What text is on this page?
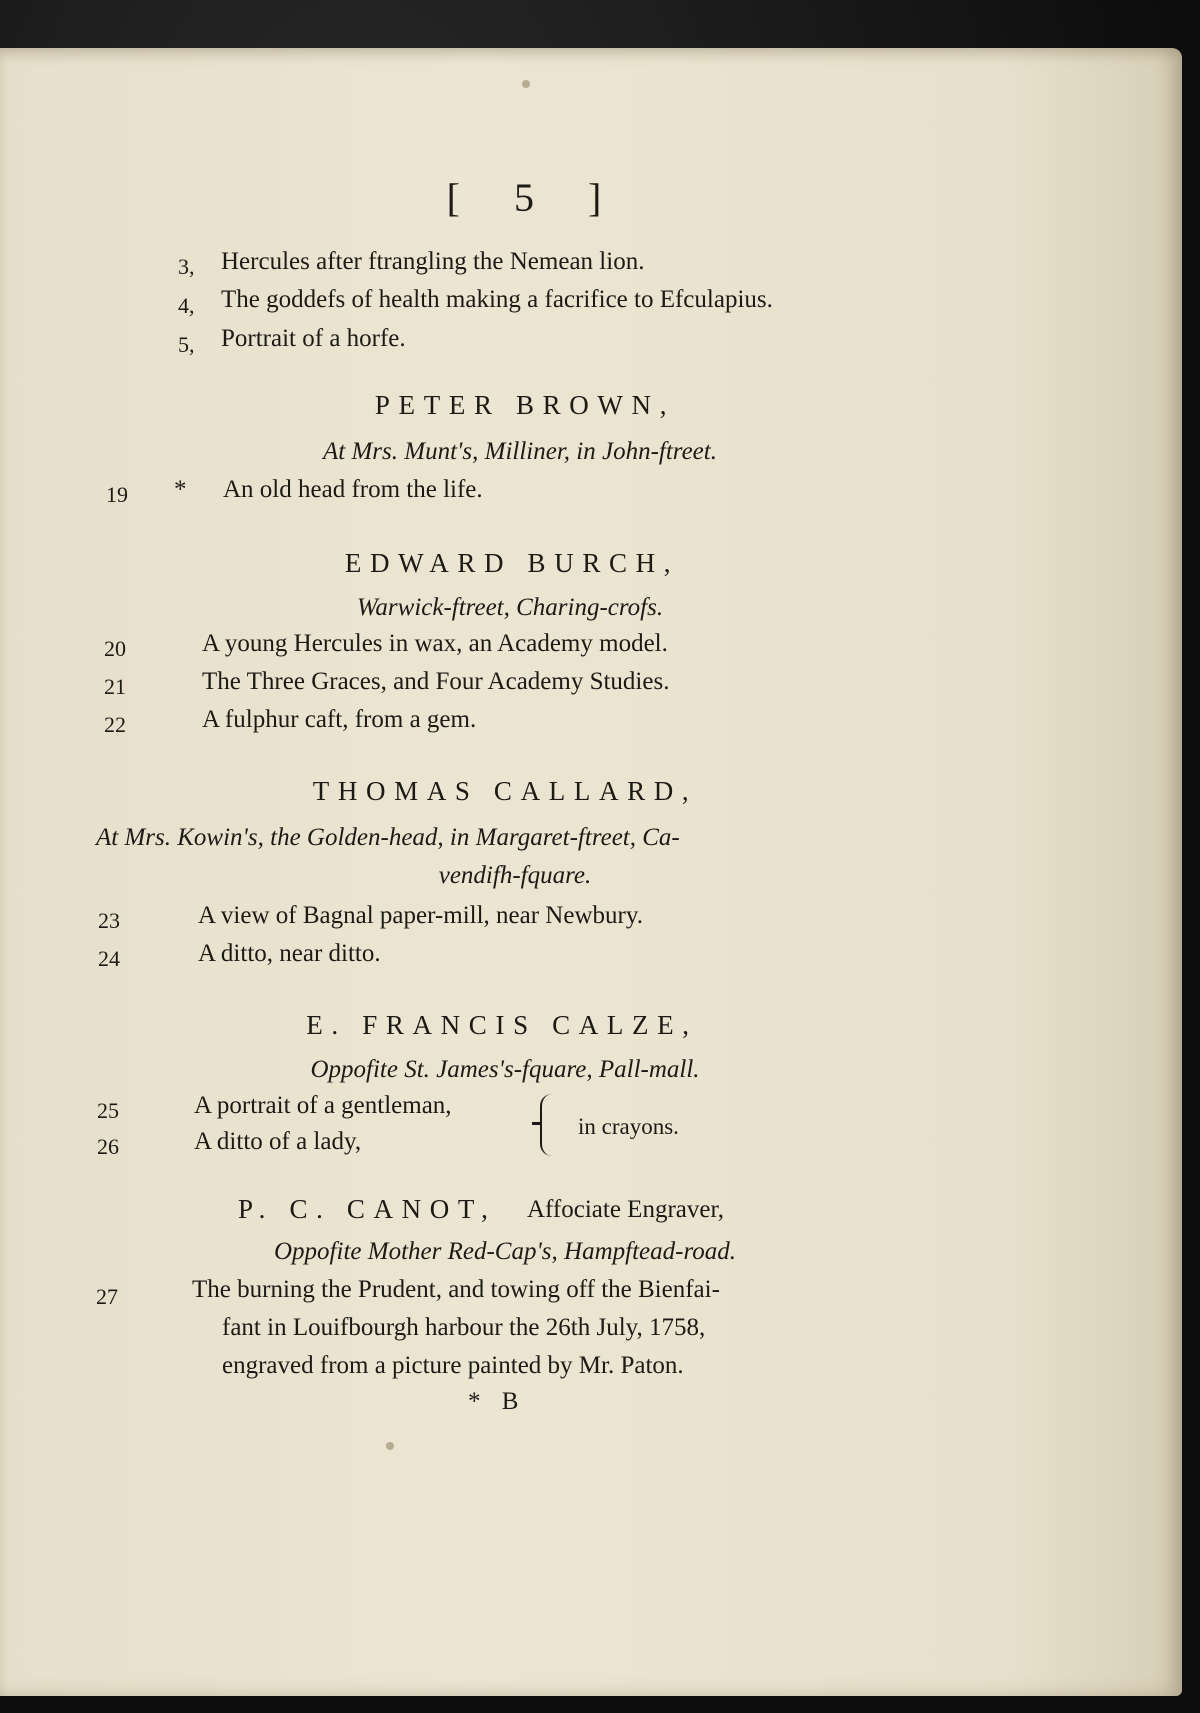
[ 5 ]
3, Hercules after ftrangling the Nemean lion.
4, The goddefs of health making a facrifice to Efculapius.
5, Portrait of a horfe.
PETER BROWN,
At Mrs. Munt's, Milliner, in John-ftreet.
19 * An old head from the life.
EDWARD BURCH,
Warwick-ftreet, Charing-crofs.
20	A young Hercules in wax, an Academy model.
21	The Three Graces, and Four Academy Studies.
22	A fulphur caft, from a gem.
THOMAS CALLARD,
At Mrs. Kowin's, the Golden-head, in Margaret-ftreet, Ca-
vendifh-fquare.
23	A view of Bagnal paper-mill, near Newbury.
24	A ditto, near ditto.
E. FRANCIS CALZE,
Oppofite St. James's-fquare, Pall-mall.
25	A portrait of a gentleman,
26	A ditto of a lady,
in crayons.
P. C. CANOT, Affociate Engraver,
Oppofite Mother Red-Cap's, Hampftead-road.
27	The burning the Prudent, and towing off the Bienfai-
fant in Louifbourgh harbour the 26th July, 1758,
engraved from a picture painted by Mr. Paton.
* B
